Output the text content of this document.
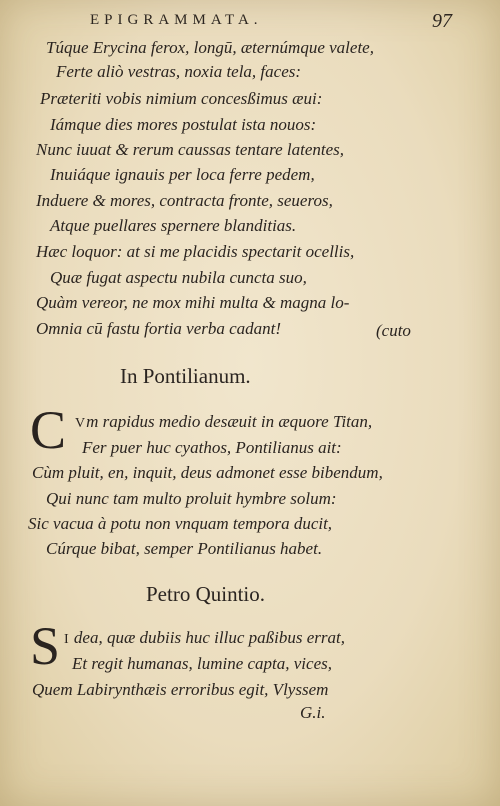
EPIGRAMMATA.	97
Túque Erycina ferox, longū, æternúmque valete,
Ferte aliò vestras, noxia tela, faces:
Præteriti vobis nimium concesßimus æui:
Iámque dies mores postulat ista nouos:
Nunc iuuat & rerum caussas tentare latentes,
Inuiáque ignauis per loca ferre pedem,
Induere & mores, contracta fronte, seueros,
Atque puellares spernere blanditias.
Hæc loquor: at si me placidis spectarit ocellis,
Quæ fugat aspectu nubila cuncta suo,
Quàm vereor, ne mox mihi multa & magna lo-
Omnia cū fastu fortia verba cadant!	(cuto
In Pontilianum.
C Vm rapidus medio desæuit in æquore Titan,
Fer puer huc cyathos, Pontilianus ait:
Cùm pluit, en, inquit, deus admonet esse bibendum,
Qui nunc tam multo proluit hymbre solum:
Sic vacua à potu non vnquam tempora ducit,
Cúrque bibat, semper Pontilianus habet.
Petro Quintio.
S I dea, quæ dubiis huc illuc paßibus errat,
Et regit humanas, lumine capta, vices,
Quem Labirynthæis erroribus egit, Vlyssem
G.i.
